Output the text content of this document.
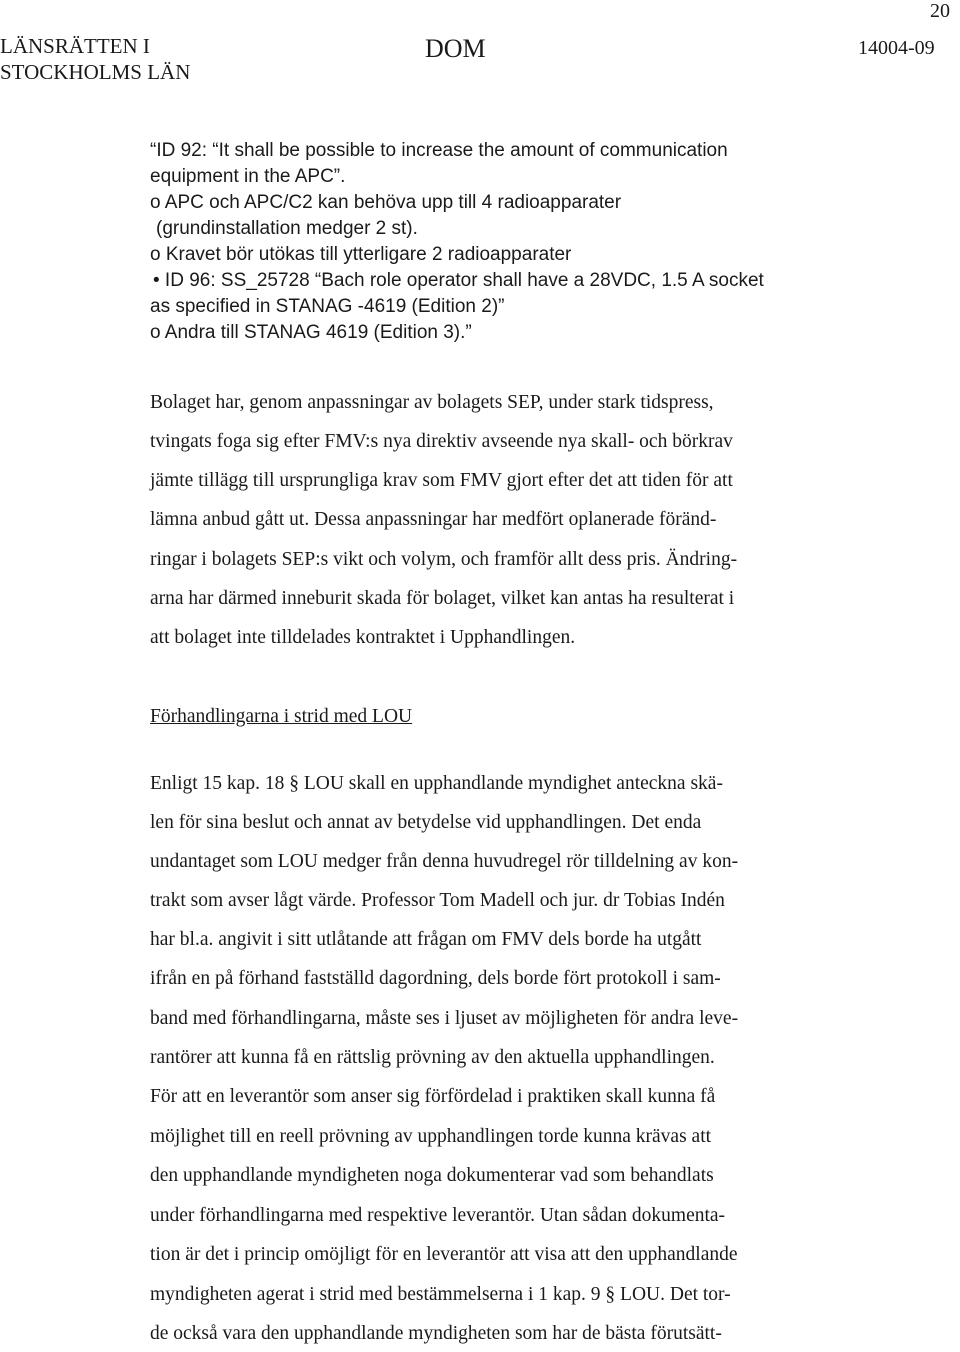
20
LÄNSRÄTTEN I
STOCKHOLMS LÄN
DOM	14004-09
“ID 92: “It shall be possible to increase the amount of communication
equipment in the APC”.
o APC och APC/C2 kan behöva upp till 4 radioapparater
(grundinstallation medger 2 st).
o Kravet bör utökas till ytterligare 2 radioapparater
• ID 96: SS_25728 “Bach role operator shall have a 28VDC, 1.5 A socket
as specified in STANAG -4619 (Edition 2)”
o Andra till STANAG 4619 (Edition 3).”
Bolaget har, genom anpassningar av bolagets SEP, under stark tidspress,
tvingats foga sig efter FMV:s nya direktiv avseende nya skall- och börkrav
jämte tillägg till ursprungliga krav som FMV gjort efter det att tiden för att
lämna anbud gått ut. Dessa anpassningar har medfört oplanerade föränd-
ringar i bolagets SEP:s vikt och volym, och framför allt dess pris. Ändring-
arna har därmed inneburit skada för bolaget, vilket kan antas ha resulterat i
att bolaget inte tilldelades kontraktet i Upphandlingen.
Förhandlingarna i strid med LOU
Enligt 15 kap. 18 § LOU skall en upphandlande myndighet anteckna skä-
len för sina beslut och annat av betydelse vid upphandlingen. Det enda
undantaget som LOU medger från denna huvudregel rör tilldelning av kon-
trakt som avser lågt värde. Professor Tom Madell och jur. dr Tobias Indén
har bl.a. angivit i sitt utlåtande att frågan om FMV dels borde ha utgått
ifrån en på förhand fastställd dagordning, dels borde fört protokoll i sam-
band med förhandlingarna, måste ses i ljuset av möjligheten för andra leve-
rantörer att kunna få en rättslig prövning av den aktuella upphandlingen.
För att en leverantör som anser sig förfördelad i praktiken skall kunna få
möjlighet till en reell prövning av upphandlingen torde kunna krävas att
den upphandlande myndigheten noga dokumenterar vad som behandlats
under förhandlingarna med respektive leverantör. Utan sådan dokumenta-
tion är det i princip omöjligt för en leverantör att visa att den upphandlande
myndigheten agerat i strid med bestämmelserna i 1 kap. 9 § LOU. Det tor-
de också vara den upphandlande myndigheten som har de bästa förutsätt-
